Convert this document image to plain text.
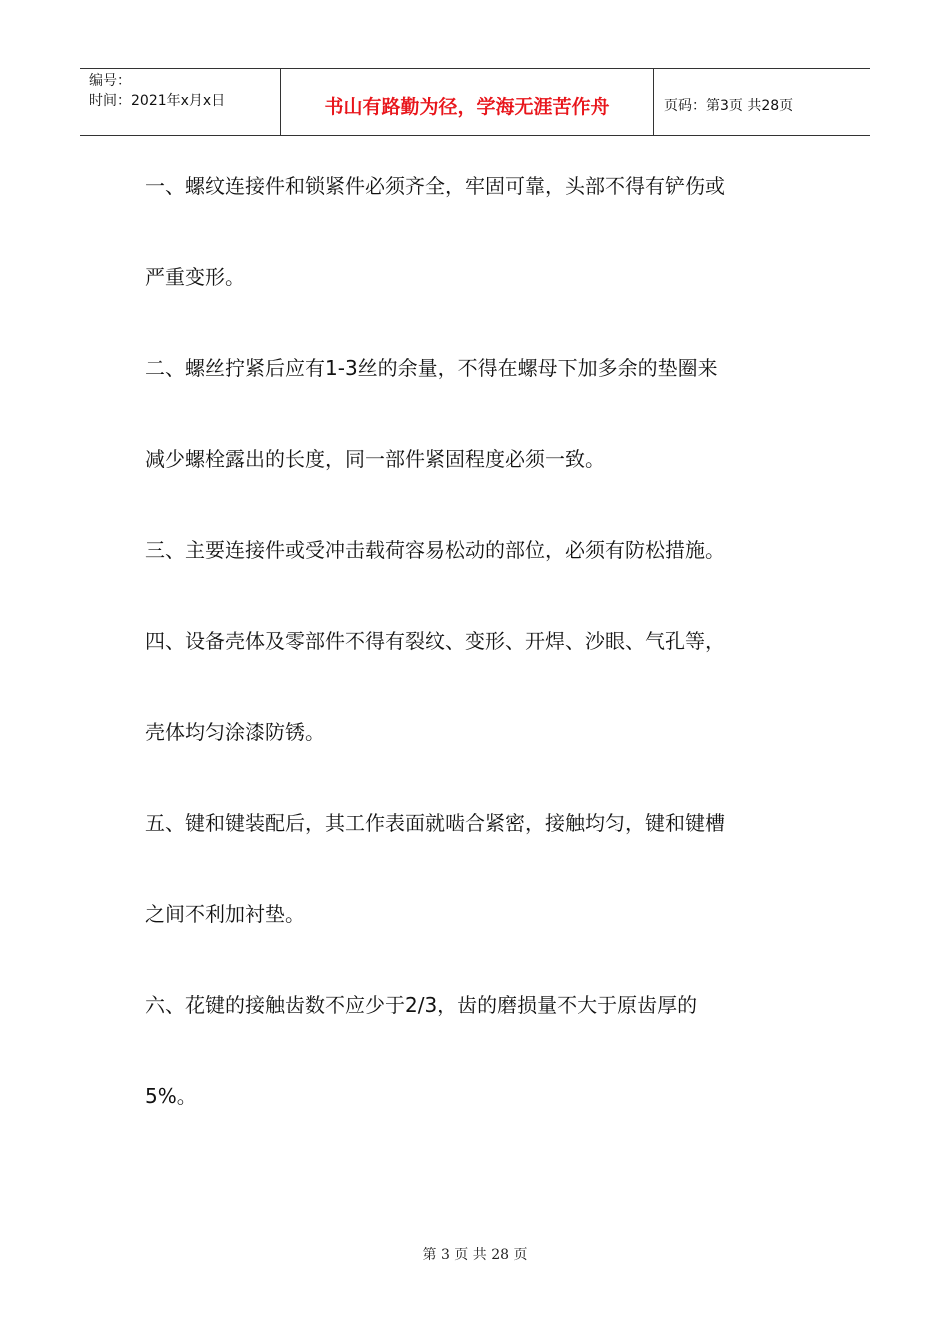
编号：
时间：2021年x月x日	书山有路勤为径，学海无涯苦作舟	页码：第3页 共28页

一、螺纹连接件和锁紧件必须齐全，牢固可靠，头部不得有铲伤或

严重变形。

二、螺丝拧紧后应有1-3丝的余量，不得在螺母下加多余的垫圈来

减少螺栓露出的长度，同一部件紧固程度必须一致。

三、主要连接件或受冲击载荷容易松动的部位，必须有防松措施。

四、设备壳体及零部件不得有裂纹、变形、开焊、沙眼、气孔等，

壳体均匀涂漆防锈。

五、键和键装配后，其工作表面就啮合紧密，接触均匀，键和键槽

之间不利加衬垫。

六、花键的接触齿数不应少于2/3，齿的磨损量不大于原齿厚的

5%。

第 3 页 共 28 页
